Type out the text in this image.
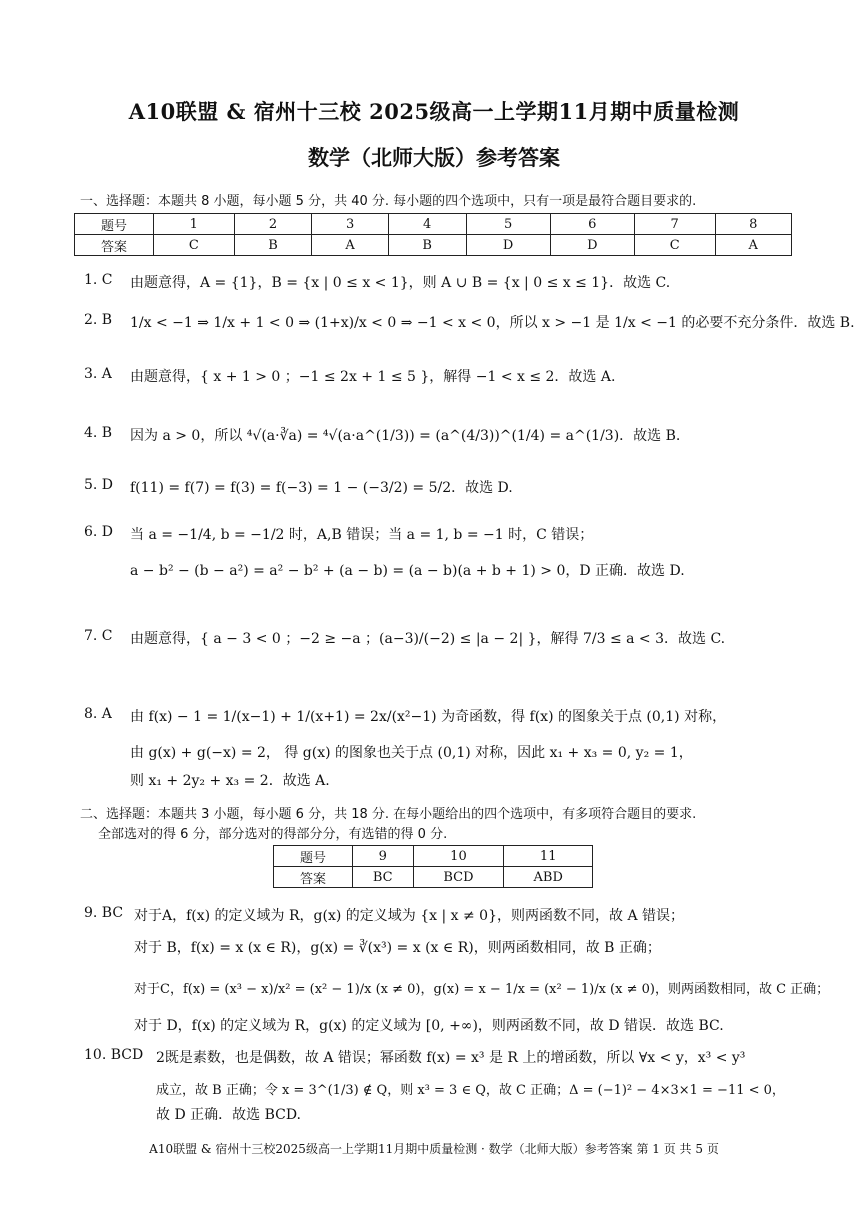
A10联盟 & 宿州十三校 2025级高一上学期11月期中质量检测
数学（北师大版）参考答案
一、选择题：本题共 8 小题，每小题 5 分，共 40 分. 每小题的四个选项中，只有一项是最符合题目要求的.
题号	1	2	3	4	5	6	7	8
答案	C	B	A	B	D	D	C	A
1. C 由题意得，A = {1}，B = {x | 0 ≤ x < 1}，则 A ∪ B = {x | 0 ≤ x ≤ 1}．故选 C.
2. B 1/x < −1 ⇒ 1/x + 1 < 0 ⇒ (1+x)/x < 0 ⇒ −1 < x < 0，所以 x > −1 是 1/x < −1 的必要不充分条件．故选 B.
3. A 由题意得，{ x + 1 > 0 ；−1 ≤ 2x + 1 ≤ 5 }，解得 −1 < x ≤ 2．故选 A.
4. B 因为 a > 0，所以 ⁴√(a·∛a) = ⁴√(a·a^(1/3)) = (a^(4/3))^(1/4) = a^(1/3)．故选 B.
5. D f(11) = f(7) = f(3) = f(−3) = 1 − (−3/2) = 5/2．故选 D.
6. D 当 a = −1/4, b = −1/2 时，A,B 错误；当 a = 1, b = −1 时，C 错误；
a − b² − (b − a²) = a² − b² + (a − b) = (a − b)(a + b + 1) > 0，D 正确．故选 D.
7. C 由题意得，{ a − 3 < 0 ；−2 ≥ −a ；(a−3)/(−2) ≤ |a − 2| }，解得 7/3 ≤ a < 3．故选 C.
8. A 由 f(x) − 1 = 1/(x−1) + 1/(x+1) = 2x/(x²−1) 为奇函数，得 f(x) 的图象关于点 (0,1) 对称，
由 g(x) + g(−x) = 2， 得 g(x) 的图象也关于点 (0,1) 对称，因此 x₁ + x₃ = 0, y₂ = 1，
则 x₁ + 2y₂ + x₃ = 2．故选 A.
二、选择题：本题共 3 小题，每小题 6 分，共 18 分. 在每小题给出的四个选项中，有多项符合题目的要求.
全部选对的得 6 分，部分选对的得部分分，有选错的得 0 分.
题号	9	10	11
答案	BC	BCD	ABD
9. BC 对于A，f(x) 的定义域为 R，g(x) 的定义域为 {x | x ≠ 0}，则两函数不同，故 A 错误；
对于 B，f(x) = x (x ∈ R)，g(x) = ∛(x³) = x (x ∈ R)，则两函数相同，故 B 正确；
对于C，f(x) = (x³ − x)/x² = (x² − 1)/x (x ≠ 0)，g(x) = x − 1/x = (x² − 1)/x (x ≠ 0)，则两函数相同，故 C 正确；
对于 D，f(x) 的定义域为 R，g(x) 的定义域为 [0, +∞)，则两函数不同，故 D 错误．故选 BC.
10. BCD 2既是素数，也是偶数，故 A 错误；幂函数 f(x) = x³ 是 R 上的增函数，所以 ∀x < y，x³ < y³
成立，故 B 正确；令 x = 3^(1/3) ∉ Q，则 x³ = 3 ∈ Q，故 C 正确；Δ = (−1)² − 4×3×1 = −11 < 0，
故 D 正确．故选 BCD.
A10联盟 & 宿州十三校2025级高一上学期11月期中质量检测 · 数学（北师大版）参考答案 第 1 页 共 5 页
